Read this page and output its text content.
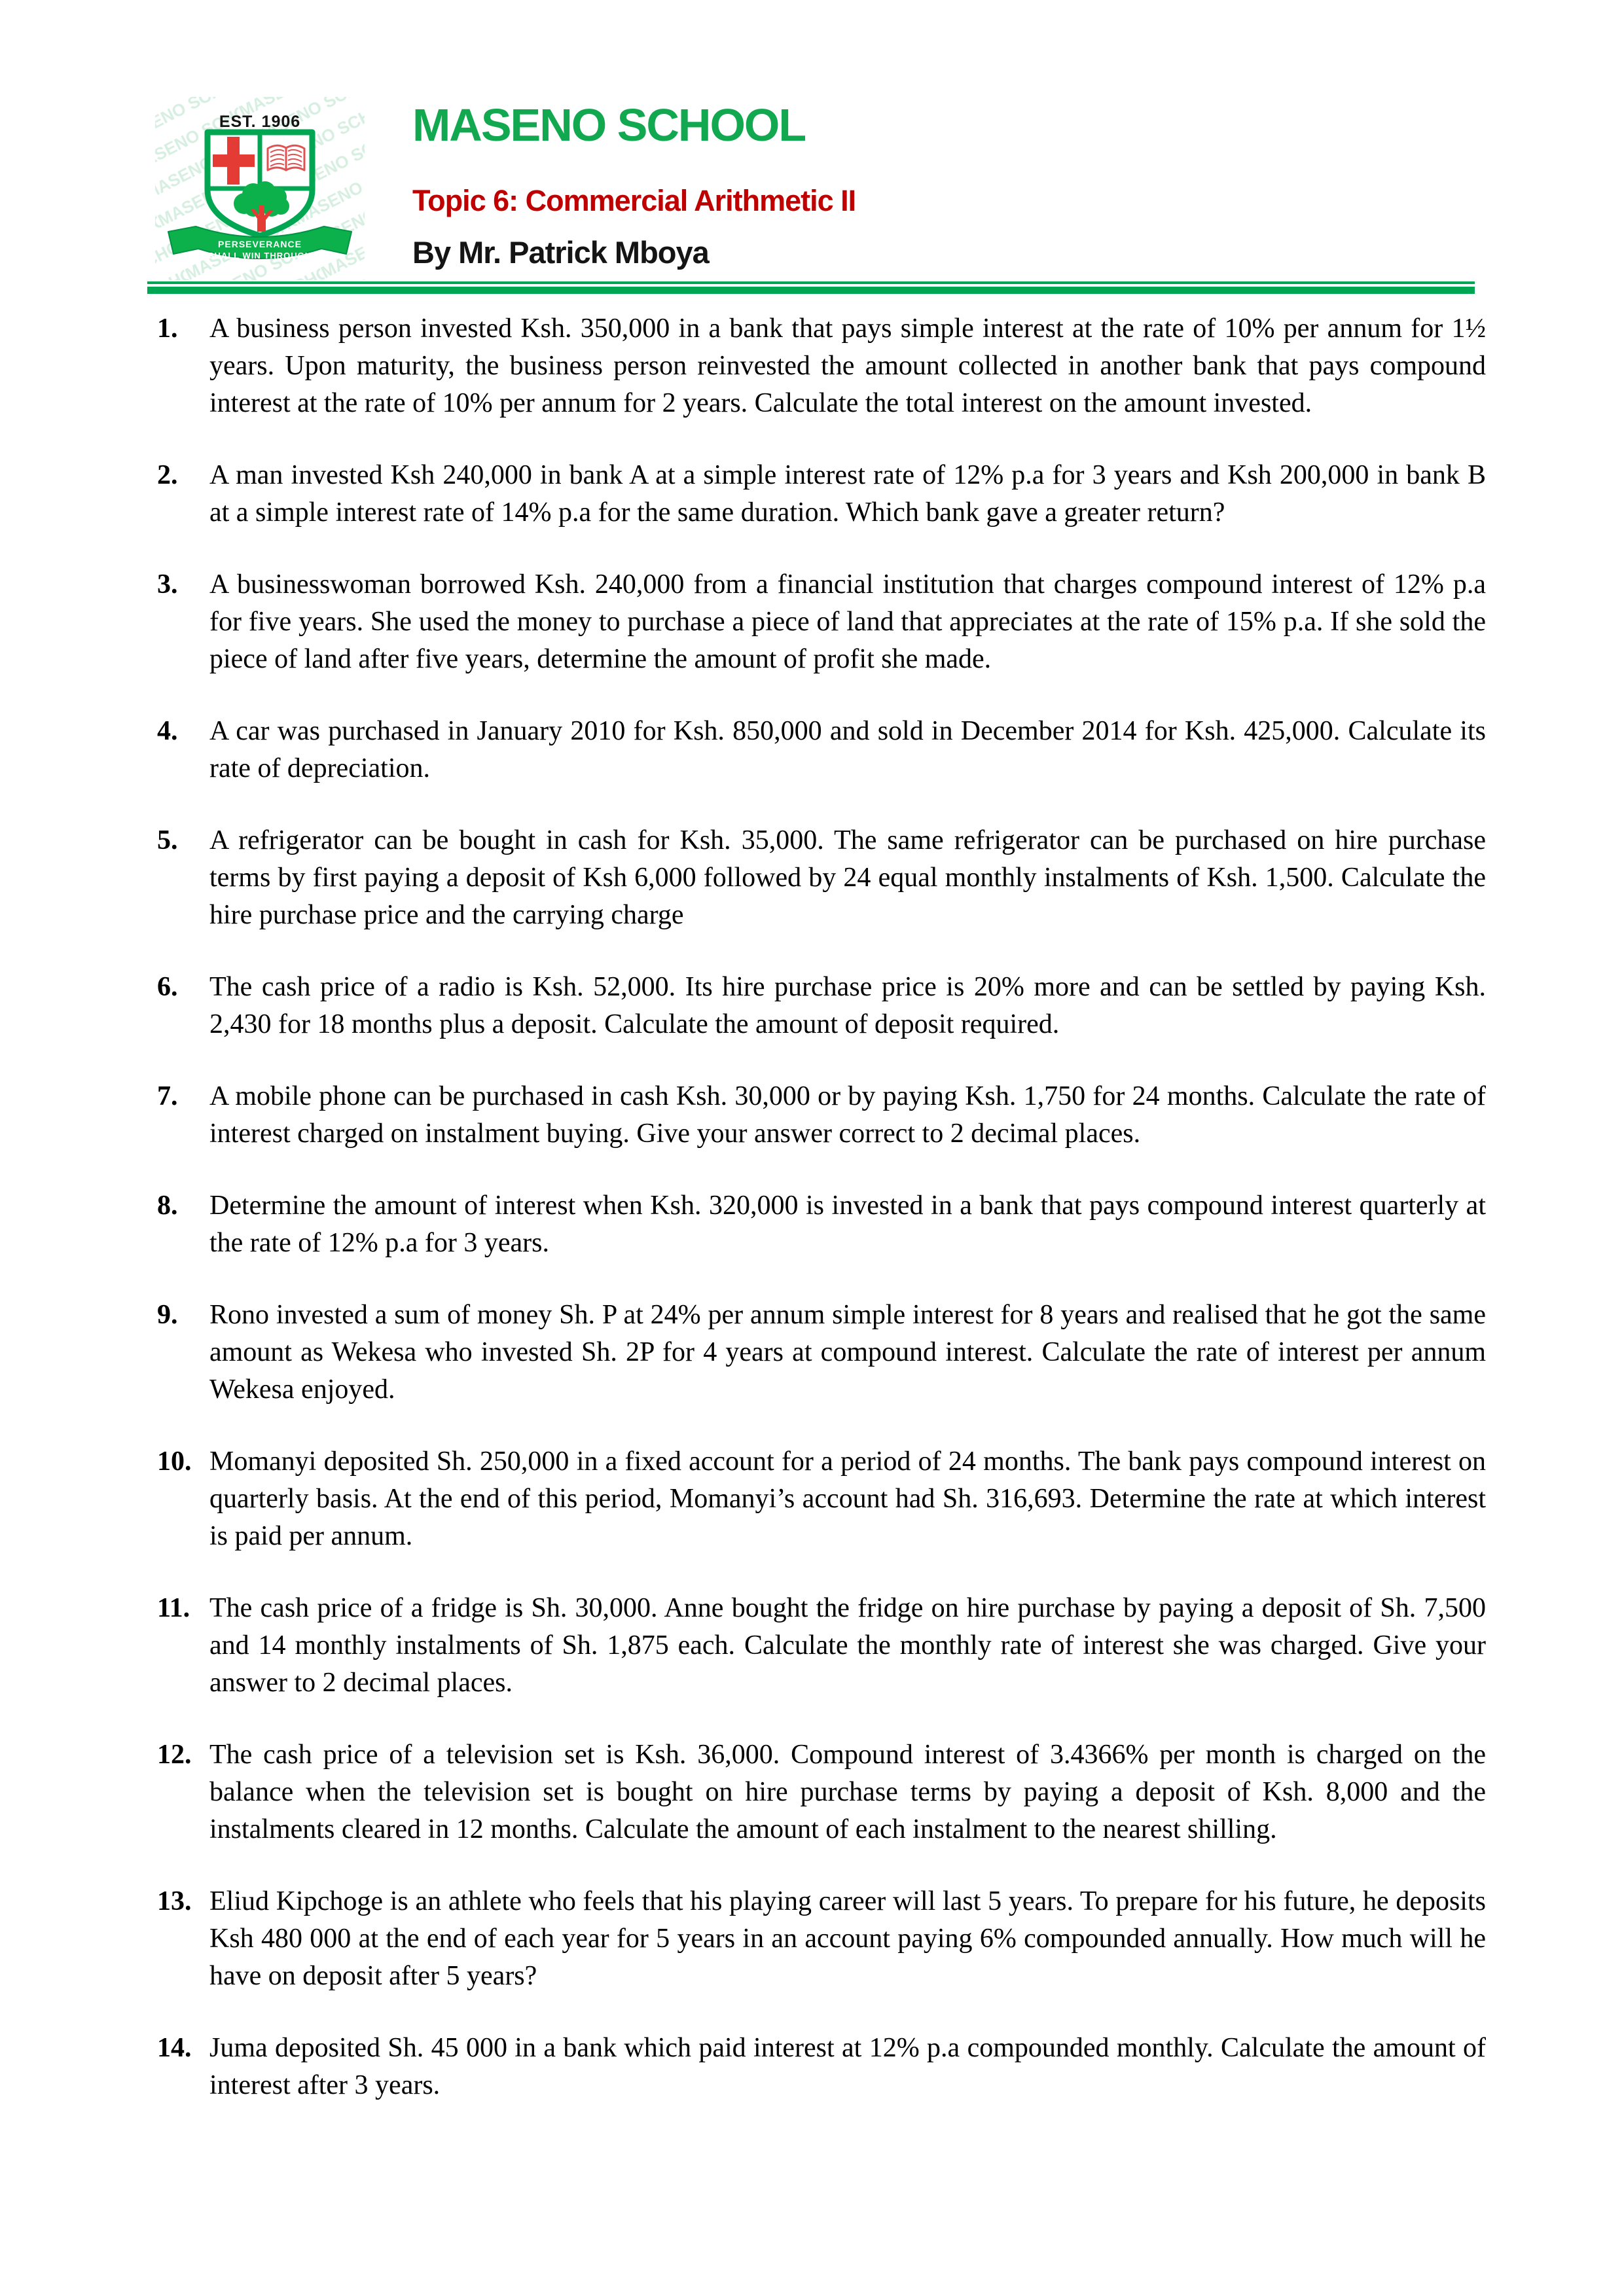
EST. 1906
PERSEVERANCE
SHALL WIN THROUGH
MASENO SCHOOL
Topic 6: Commercial Arithmetic II
By Mr. Patrick Mboya
1.	A business person invested Ksh. 350,000 in a bank that pays simple interest at the rate of 10% per annum for 1½ years. Upon maturity, the business person reinvested the amount collected in another bank that pays compound interest at the rate of 10% per annum for 2 years. Calculate the total interest on the amount invested.

2.	A man invested Ksh 240,000 in bank A at a simple interest rate of 12% p.a for 3 years and Ksh 200,000 in bank B at a simple interest rate of 14% p.a for the same duration. Which bank gave a greater return?

3.	A businesswoman borrowed Ksh. 240,000 from a financial institution that charges compound interest of 12% p.a for five years. She used the money to purchase a piece of land that appreciates at the rate of 15% p.a. If she sold the piece of land after five years, determine the amount of profit she made.

4.	A car was purchased in January 2010 for Ksh. 850,000 and sold in December 2014 for Ksh. 425,000. Calculate its rate of depreciation.

5.	A refrigerator can be bought in cash for Ksh. 35,000. The same refrigerator can be purchased on hire purchase terms by first paying a deposit of Ksh 6,000 followed by 24 equal monthly instalments of Ksh. 1,500. Calculate the hire purchase price and the carrying charge

6.	The cash price of a radio is Ksh. 52,000. Its hire purchase price is 20% more and can be settled by paying Ksh. 2,430 for 18 months plus a deposit. Calculate the amount of deposit required.

7.	A mobile phone can be purchased in cash Ksh. 30,000 or by paying Ksh. 1,750 for 24 months. Calculate the rate of interest charged on instalment buying. Give your answer correct to 2 decimal places.

8.	Determine the amount of interest when Ksh. 320,000 is invested in a bank that pays compound interest quarterly at the rate of 12% p.a for 3 years.

9.	Rono invested a sum of money Sh. P at 24% per annum simple interest for 8 years and realised that he got the same amount as Wekesa who invested Sh. 2P for 4 years at compound interest. Calculate the rate of interest per annum Wekesa enjoyed.

10. Momanyi deposited Sh. 250,000 in a fixed account for a period of 24 months. The bank pays compound interest on quarterly basis. At the end of this period, Momanyi’s account had Sh. 316,693. Determine the rate at which interest is paid per annum.

11. The cash price of a fridge is Sh. 30,000. Anne bought the fridge on hire purchase by paying a deposit of Sh. 7,500 and 14 monthly instalments of Sh. 1,875 each. Calculate the monthly rate of interest she was charged. Give your answer to 2 decimal places.

12. The cash price of a television set is Ksh. 36,000. Compound interest of 3.4366% per month is charged on the balance when the television set is bought on hire purchase terms by paying a deposit of Ksh. 8,000 and the instalments cleared in 12 months. Calculate the amount of each instalment to the nearest shilling.

13. Eliud Kipchoge is an athlete who feels that his playing career will last 5 years. To prepare for his future, he deposits Ksh 480 000 at the end of each year for 5 years in an account paying 6% compounded annually. How much will he have on deposit after 5 years?

14. Juma deposited Sh. 45 000 in a bank which paid interest at 12% p.a compounded monthly. Calculate the amount of interest after 3 years.
